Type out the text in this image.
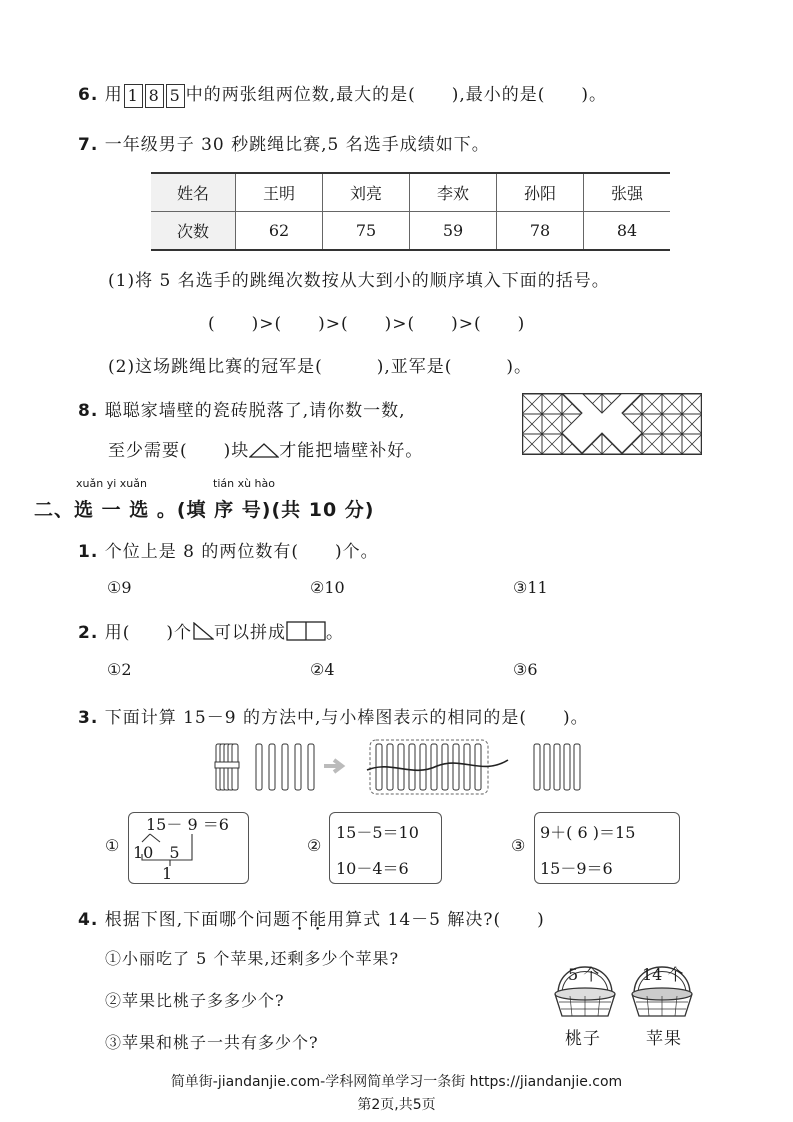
6. 用 1 8 5 中的两张组两位数,最大的是(　　),最小的是(　　)。
7. 一年级男子 30 秒跳绳比赛,5 名选手成绩如下。
姓名	王明	刘亮	李欢	孙阳	张强
次数	62	75	59	78	84
(1)将 5 名选手的跳绳次数按从大到小的顺序填入下面的括号。
(　　)>(　　)>(　　)>(　　)>(　　)
(2)这场跳绳比赛的冠军是(　　　),亚军是(　　　)。
8. 聪聪家墙壁的瓷砖脱落了,请你数一数,
至少需要(　　)块 才能把墙壁补好。
xuǎn yi xuǎn	tián xù hào
二、选 一 选 。(填 序 号)(共 10 分)
1. 个位上是 8 的两位数有(　　)个。
①9	②10	③11
2. 用(　　)个 可以拼成 。
①2	②4	③6
3. 下面计算 15－9 的方法中,与小棒图表示的相同的是(　　)。
①
15－ 9 ＝6
10　5
1
②
15－5＝10
10－4＝6
③
9＋( 6 )＝15
15－9＝6
4. 根据下图,下面哪个问题不能用算式 14－5 解决?(　　)
①小丽吃了 5 个苹果,还剩多少个苹果?
②苹果比桃子多多少个?
③苹果和桃子一共有多少个?
5 个	14 个
桃子	苹果
简单街-jiandanjie.com-学科网简单学习一条街 https://jiandanjie.com
第2页,共5页
